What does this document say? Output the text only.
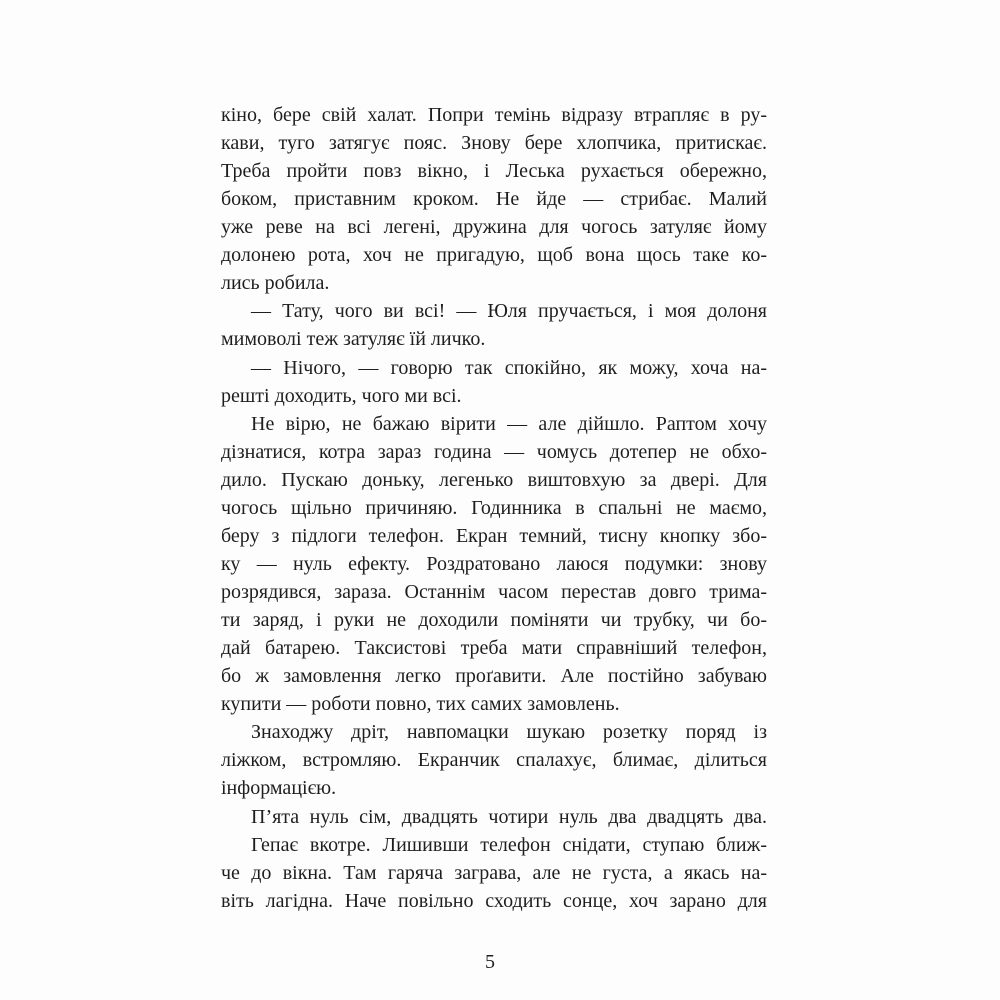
кіно, бере свій халат. Попри темінь відразу втрапляє в ру-
кави, туго затягує пояс. Знову бере хлопчика, притискає.
Треба пройти повз вікно, і Леська рухається обережно,
боком, приставним кроком. Не йде — стрибає. Малий
уже реве на всі легені, дружина для чогось затуляє йому
долонею рота, хоч не пригадую, щоб вона щось таке ко-
лись робила.
— Тату, чого ви всі! — Юля пручається, і моя долоня
мимоволі теж затуляє їй личко.
— Нічого, — говорю так спокійно, як можу, хоча на-
решті доходить, чого ми всі.
Не вірю, не бажаю вірити — але дійшло. Раптом хочу
дізнатися, котра зараз година — чомусь дотепер не обхо-
дило. Пускаю доньку, легенько виштовхую за двері. Для
чогось щільно причиняю. Годинника в спальні не маємо,
беру з підлоги телефон. Екран темний, тисну кнопку збо-
ку — нуль ефекту. Роздратовано лаюся подумки: знову
розрядився, зараза. Останнім часом перестав довго трима-
ти заряд, і руки не доходили поміняти чи трубку, чи бо-
дай батарею. Таксистові треба мати справніший телефон,
бо ж замовлення легко проґавити. Але постійно забуваю
купити — роботи повно, тих самих замовлень.
Знаходжу дріт, навпомацки шукаю розетку поряд із
ліжком, встромляю. Екранчик спалахує, блимає, ділиться
інформацією.
П’ята нуль сім, двадцять чотири нуль два двадцять два.
Гепає вкотре. Лишивши телефон снідати, ступаю ближ-
че до вікна. Там гаряча заграва, але не густа, а якась на-
віть лагідна. Наче повільно сходить сонце, хоч зарано для
5
